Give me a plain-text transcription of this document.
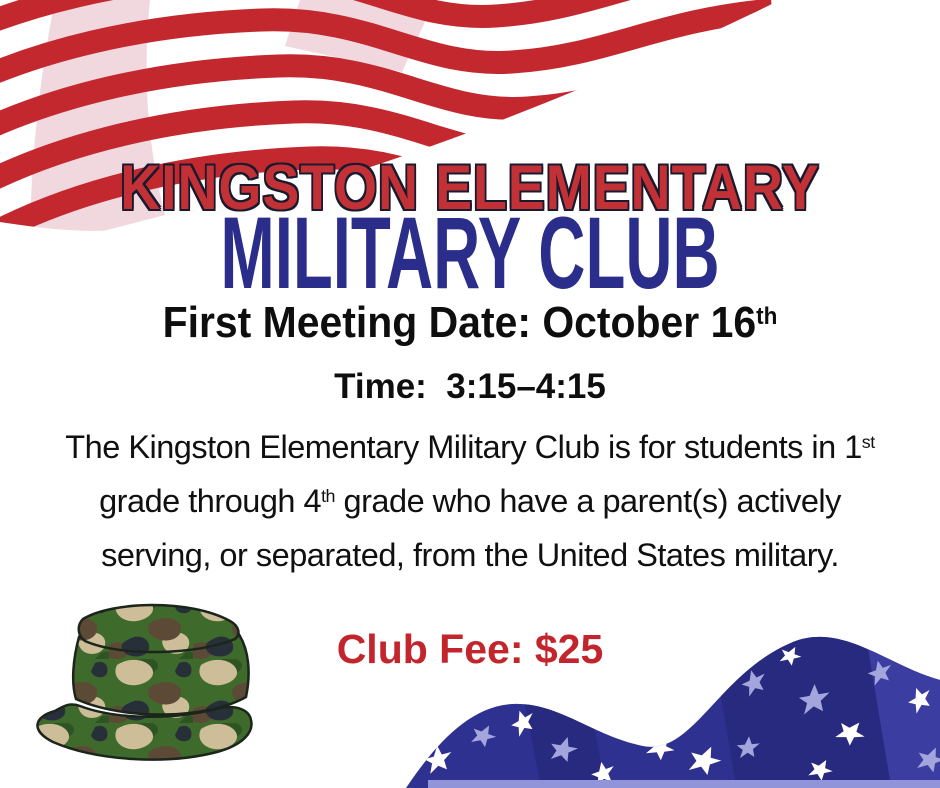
KINGSTON ELEMENTARY
MILITARY CLUB
First Meeting Date: October 16th
Time:  3:15–4:15

The Kingston Elementary Military Club is for students in 1st grade through 4th grade who have a parent(s) actively serving, or separated, from the United States military.

Club Fee: $25
